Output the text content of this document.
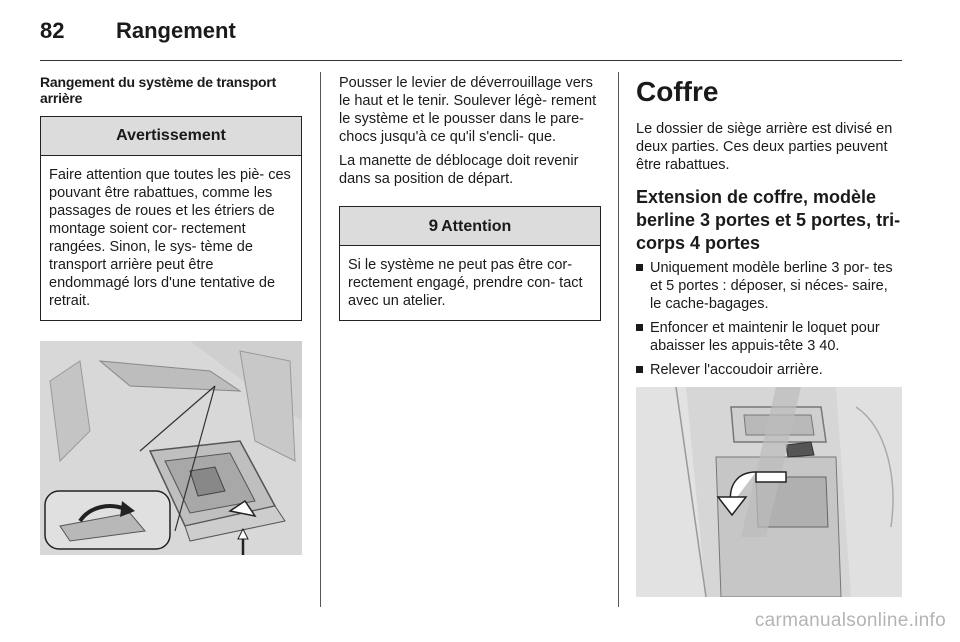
82 Rangement
Rangement du système de transport arrière
Avertissement
Faire attention que toutes les piè- ces pouvant être rabattues, comme les passages de roues et les étriers de montage soient cor- rectement rangées. Sinon, le sys- tème de transport arrière peut être endommagé lors d'une tentative de retrait.

Pousser le levier de déverrouillage vers le haut et le tenir. Soulever légè- rement le système et le pousser dans le pare-chocs jusqu'à ce qu'il s'encli- que.

La manette de déblocage doit revenir dans sa position de départ.

9 Attention
Si le système ne peut pas être cor- rectement engagé, prendre con- tact avec un atelier.
Coffre

Le dossier de siège arrière est divisé en deux parties. Ces deux parties peuvent être rabattues.

Extension de coffre, modèle berline 3 portes et 5 portes, tri- corps 4 portes
Uniquement modèle berline 3 por- tes et 5 portes : déposer, si néces- saire, le cache-bagages.
Enfoncer et maintenir le loquet pour abaisser les appuis-tête 3 40.
Relever l'accoudoir arrière.
carmanualsonline.info
